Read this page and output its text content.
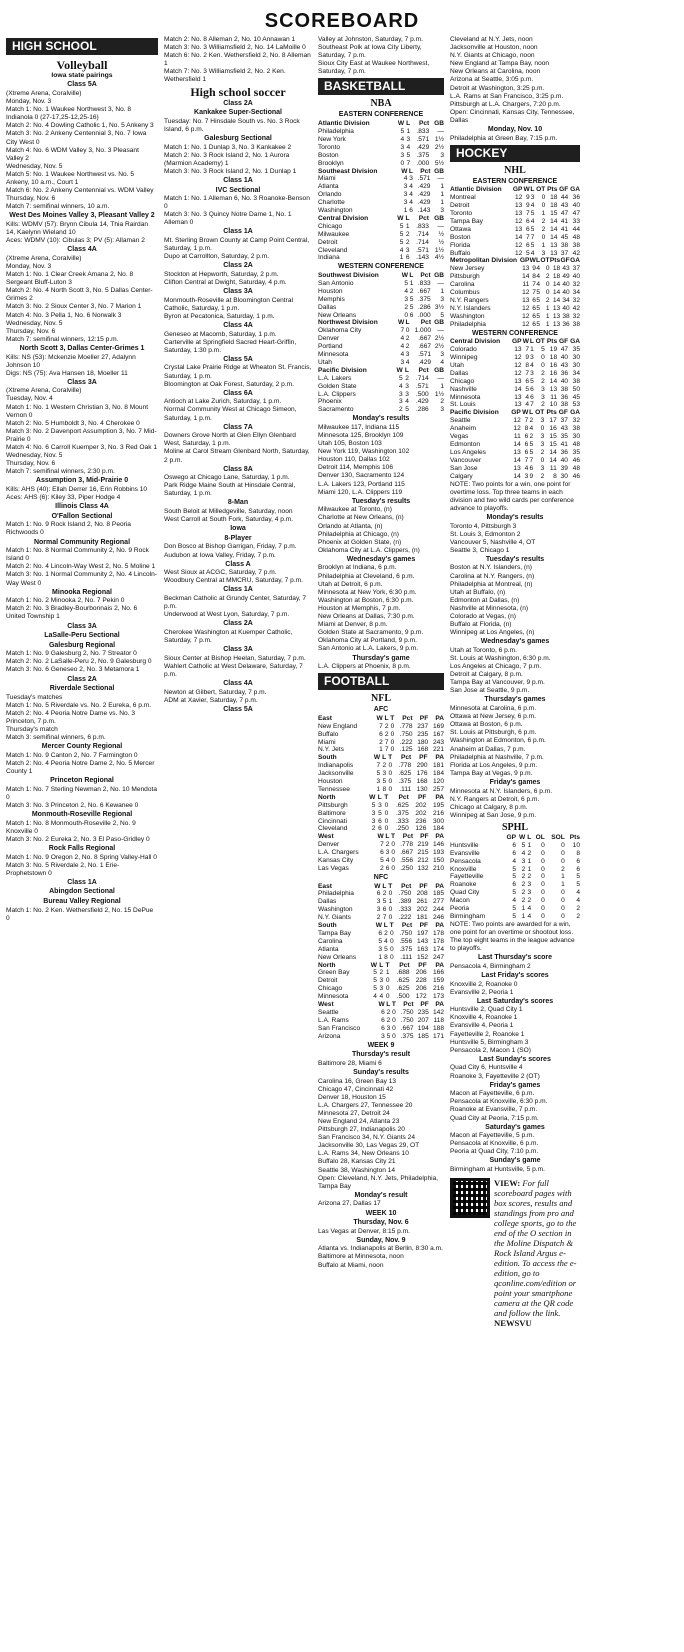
SCOREBOARD
HIGH SCHOOL
Volleyball
Iowa state pairings
Class 5A
(Xtreme Arena, Coralville)
Monday, Nov. 3
Match 1: No. 1 Waukee Northwest 3, No. 8 Indianola 0 (27-17,25-12,25-16)
Match 2: No. 4 Dowling Catholic 1, No. 5 Ankeny 3
Match 3: No. 2 Ankeny Centennial 3, No. 7 Iowa City West 0
Match 4: No. 6 WDM Valley 3, No. 3 Pleasant Valley 2
Wednesday, Nov. 5
Match 5: No. 1 Waukee Northwest vs. No. 5 Ankeny, 10 a.m., Court 1
Match 6: No. 2 Ankeny Centennial vs. WDM Valley
Thursday, Nov. 6
Match 7: semifinal winners, 10 a.m.
West Des Moines Valley 3, Pleasant Valley 2
Kills: WDMV (57): Brynn Cibula 14, Thia Rairdan 14, Kaelynn Wieland 10
Aces: WDMV (10): Cibulas 3; PV (5): Allaman 2
Class 4A
(Xtreme Arena, Coralville)
Monday, Nov. 3
Match 1: No. 1 Clear Creek Amana 2, No. 8 Sergeant Bluff-Luton 3
Match 2: No. 4 North Scott 3, No. 5 Dallas Center-Grimes 2
Match 3: No. 2 Sioux Center 3, No. 7 Marion 1
Match 4: No. 3 Pella 1, No. 6 Norwalk 3
Wednesday, Nov. 5
Thursday, Nov. 6
Match 7: semifinal winners, 12:15 p.m.
North Scott 3, Dallas Center-Grimes 1
Kills: NS (53): Mckenzie Moeller 27, Adalynn Johnson 10
Digs: NS (75): Ava Hansen 18, Moeller 11
Class 3A
(Xtreme Arena, Coralville)
Tuesday, Nov. 4
Match 1: No. 1 Western Christian 3, No. 8 Mount Vernon 0
Match 2: No. 5 Humboldt 3, No. 4 Cherokee 0
Match 3: No. 2 Davenport Assumption 3, No. 7 Mid-Prairie 0
Match 4: No. 6 Carroll Kuemper 3, No. 3 Red Oak 1
Wednesday, Nov. 5
Thursday, Nov. 6
Match 7: semifinal winners, 2:30 p.m.
Assumption 3, Mid-Prairie 0
Kills: AHS (40): Ellah Derrer 16, Erin Robbins 10
Aces: AHS (6): Kiley 33, Piper Hodge 4
Illinois Class 4A
O'Fallon Sectional
Match 1: No. 9 Rock Island 2, No. 8 Peoria Richwoods 0
Normal Community Regional
Match 1: No. 8 Normal Community 2, No. 9 Rock Island 0
Match 2: No. 4 Lincoln-Way West 2, No. 5 Moline 1
Match 3: No. 1 Normal Community 2, No. 4 Lincoln-Way West 0
Minooka Regional
Match 1: No. 2 Minooka 2, No. 7 Pekin 0
Match 2: No. 3 Bradley-Bourbonnais 2, No. 6 United Township 1
Class 3A
LaSalle-Peru Sectional
Galesburg Regional
Match 1: No. 9 Galesburg 2, No. 7 Streator 0
Match 2: No. 2 LaSalle-Peru 2, No. 9 Galesburg 0
Match 3: No. 6 Geneseo 2, No. 3 Metamora 1
Class 2A
Riverdale Sectional
Tuesday's matches
Match 1: No. 5 Riverdale vs. No. 2 Eureka, 6 p.m.
Match 2: No. 4 Peoria Notre Dame vs. No. 3 Princeton, 7 p.m.
Thursday's match
Match 3: semifinal winners, 6 p.m.
Mercer County Regional
Match 1: No. 9 Canton 2, No. 7 Farmington 0
Match 2: No. 4 Peoria Notre Dame 2, No. 5 Mercer County 1
Princeton Regional
Match 1: No. 7 Sterling Newman 2, No. 10 Mendota 0
Match 3: No. 3 Princeton 2, No. 6 Kewanee 0
Monmouth-Roseville Regional
Match 1: No. 8 Monmouth-Roseville 2, No. 9 Knoxville 0
Match 3: No. 2 Eureka 2, No. 3 El Paso-Gridley 0
Rock Falls Regional
Match 1: No. 9 Oregon 2, No. 8 Spring Valley-Hall 0
Match 3: No. 5 Riverdale 2, No. 1 Erie-Prophetstown 0
Class 1A
Abingdon Sectional
Bureau Valley Regional
Match 1: No. 2 Ken. Wethersfield 2, No. 15 DePue 0
Match 2: No. 8 Alleman 2, No. 10 Annawan 1
Match 3: No. 3 Williamsfield 2, No. 14 LaMoille 0
Match 6: No. 2 Ken. Wethersfield 2, No. 8 Alleman 1
Match 7: No. 3 Williamsfield 2, No. 2 Ken. Wethersfield 1
High school soccer
Class 2A
Kankakee Super-Sectional
Tuesday: No. 7 Hinsdale South vs. No. 3 Rock Island, 6 p.m.
Galesburg Sectional
Match 1: No. 1 Dunlap 3, No. 3 Kankakee 2
Match 2: No. 3 Rock Island 2, No. 1 Aurora (Marmion Academy) 1
Match 3: No. 3 Rock Island 2, No. 1 Dunlap 1
Class 1A
IVC Sectional
Match 1: No. 1 Alleman 6, No. 3 Roanoke-Benson 0
Match 3: No. 3 Quincy Notre Dame 1, No. 1 Alleman 0
Class 1A
Mt. Sterling Brown County at Camp Point Central, Saturday, 1 p.m.
Dupo at Carrollton, Saturday, 2 p.m.
Class 2A
Stockton at Hepworth, Saturday, 2 p.m.
Clifton Central at Dwight, Saturday, 4 p.m.
Class 3A
Monmouth-Roseville at Bloomington Central Catholic, Saturday, 1 p.m.
Byron at Pecatonica, Saturday, 1 p.m.
Class 4A
Geneseo at Macomb, Saturday, 1 p.m.
Carterville at Springfield Sacred Heart-Griffin, Saturday, 1:30 p.m.
Class 5A
Crystal Lake Prairie Ridge at Wheaton St. Francis, Saturday, 1 p.m.
Bloomington at Oak Forest, Saturday, 2 p.m.
Class 6A
Antioch at Lake Zurich, Saturday, 1 p.m.
Normal Community West at Chicago Simeon, Saturday, 1 p.m.
Class 7A
Downers Grove North at Glen Ellyn Glenbard West, Saturday, 1 p.m.
Moline at Carol Stream Glenbard North, Saturday, 2 p.m.
Class 8A
Oswego at Chicago Lane, Saturday, 1 p.m.
Park Ridge Maine South at Hinsdale Central, Saturday, 1 p.m.
8-Man
South Beloit at Milledgeville, Saturday, noon
West Carroll at South Fork, Saturday, 4 p.m.
Iowa
8-Player
Don Bosco at Bishop Garrigan, Friday, 7 p.m.
Audubon at Iowa Valley, Friday, 7 p.m.
Class A
West Sioux at ACGC, Saturday, 7 p.m.
Woodbury Central at MMCRU, Saturday, 7 p.m.
Class 1A
Beckman Catholic at Grundy Center, Saturday, 7 p.m.
Underwood at West Lyon, Saturday, 7 p.m.
Class 2A
Cherokee Washington at Kuemper Catholic, Saturday, 7 p.m.
Class 3A
Sioux Center at Bishop Heelan, Saturday, 7 p.m.
Wahlert Catholic at West Delaware, Saturday, 7 p.m.
Class 4A
Newton at Gilbert, Saturday, 7 p.m.
ADM at Xavier, Saturday, 7 p.m.
Class 5A
Valley at Johnston, Saturday, 7 p.m.
Southeast Polk at Iowa City Liberty, Saturday, 7 p.m.
Sioux City East at Waukee Northwest, Saturday, 7 p.m.
BASKETBALL
NBA
EASTERN CONFERENCE
Atlantic Division	W	L	Pct	GB
Philadelphia	5	1	.833	—
New York	4	3	.571	1½
Toronto	3	4	.429	2½
Boston	3	5	.375	3
Brooklyn	0	7	.000	5½
Southeast Division	W	L	Pct	GB
Miami	4	3	.571	—
Atlanta	3	4	.429	1
Orlando	3	4	.429	1
Charlotte	3	4	.429	1
Washington	1	6	.143	3
Central Division	W	L	Pct	GB
Chicago	5	1	.833	—
Milwaukee	5	2	.714	½
Detroit	5	2	.714	½
Cleveland	4	3	.571	1½
Indiana	1	6	.143	4½
WESTERN CONFERENCE
Southwest Division	W	L	Pct	GB
San Antonio	5	1	.833	—
Houston	4	2	.667	1
Memphis	3	5	.375	3
Dallas	2	5	.286	3½
New Orleans	0	6	.000	5
Northwest Division	W	L	Pct	GB
Oklahoma City	7	0	1.000	—
Denver	4	2	.667	2½
Portland	4	2	.667	2½
Minnesota	4	3	.571	3
Utah	3	4	.429	4
Pacific Division	W	L	Pct	GB
L.A. Lakers	5	2	.714	—
Golden State	4	3	.571	1
L.A. Clippers	3	3	.500	1½
Phoenix	3	4	.429	2
Sacramento	2	5	.286	3
Monday's results
Milwaukee 117, Indiana 115
Minnesota 125, Brooklyn 109
Utah 105, Boston 103
New York 119, Washington 102
Houston 110, Dallas 102
Detroit 114, Memphis 106
Denver 130, Sacramento 124
L.A. Lakers 123, Portland 115
Miami 120, L.A. Clippers 119
Tuesday's results
Milwaukee at Toronto, (n)
Charlotte at New Orleans, (n)
Orlando at Atlanta, (n)
Philadelphia at Chicago, (n)
Phoenix at Golden State, (n)
Oklahoma City at L.A. Clippers, (n)
Wednesday's games
Brooklyn at Indiana, 6 p.m.
Philadelphia at Cleveland, 6 p.m.
Utah at Detroit, 6 p.m.
Minnesota at New York, 6:30 p.m.
Washington at Boston, 6:30 p.m.
Houston at Memphis, 7 p.m.
New Orleans at Dallas, 7:30 p.m.
Miami at Denver, 8 p.m.
Golden State at Sacramento, 9 p.m.
Oklahoma City at Portland, 9 p.m.
San Antonio at L.A. Lakers, 9 p.m.
Thursday's game
L.A. Clippers at Phoenix, 8 p.m.
FOOTBALL
NFL
AFC
East	W	L	T	Pct	PF	PA
New England	7	2	0	.778	237	169
Buffalo	6	2	0	.750	235	167
Miami	2	7	0	.222	180	243
N.Y. Jets	1	7	0	.125	168	221
South	W	L	T	Pct	PF	PA
Indianapolis	7	2	0	.778	290	181
Jacksonville	5	3	0	.625	176	184
Houston	3	5	0	.375	168	120
Tennessee	1	8	0	.111	130	257
North	W	L	T	Pct	PF	PA
Pittsburgh	5	3	0	.625	202	195
Baltimore	3	5	0	.375	202	216
Cincinnati	3	6	0	.333	236	300
Cleveland	2	6	0	.250	126	184
West	W	L	T	Pct	PF	PA
Denver	7	2	0	.778	219	146
L.A. Chargers	6	3	0	.667	215	193
Kansas City	5	4	0	.556	212	150
Las Vegas	2	6	0	.250	132	210
NFC
East	W	L	T	Pct	PF	PA
Philadelphia	6	2	0	.750	208	185
Dallas	3	5	1	.389	261	277
Washington	3	6	0	.333	202	244
N.Y. Giants	2	7	0	.222	181	246
South	W	L	T	Pct	PF	PA
Tampa Bay	6	2	0	.750	197	178
Carolina	5	4	0	.556	143	178
Atlanta	3	5	0	.375	163	174
New Orleans	1	8	0	.111	152	247
North	W	L	T	Pct	PF	PA
Green Bay	5	2	1	.688	206	166
Detroit	5	3	0	.625	228	159
Chicago	5	3	0	.625	206	216
Minnesota	4	4	0	.500	172	173
West	W	L	T	Pct	PF	PA
Seattle	6	2	0	.750	235	142
L.A. Rams	6	2	0	.750	207	118
San Francisco	6	3	0	.667	194	188
Arizona	3	5	0	.375	185	171
WEEK 9
Thursday's result
Baltimore 28, Miami 6
Sunday's results
Carolina 16, Green Bay 13
Chicago 47, Cincinnati 42
Denver 18, Houston 15
L.A. Chargers 27, Tennessee 20
Minnesota 27, Detroit 24
New England 24, Atlanta 23
Pittsburgh 27, Indianapolis 20
San Francisco 34, N.Y. Giants 24
Jacksonville 30, Las Vegas 29, OT
L.A. Rams 34, New Orleans 10
Buffalo 28, Kansas City 21
Seattle 38, Washington 14
Open: Cleveland, N.Y. Jets, Philadelphia, Tampa Bay
Monday's result
Arizona 27, Dallas 17
WEEK 10
Thursday, Nov. 6
Las Vegas at Denver, 8:15 p.m.
Sunday, Nov. 9
Atlanta vs. Indianapolis at Berlin, 8:30 a.m.
Baltimore at Minnesota, noon
Buffalo at Miami, noon
Cleveland at N.Y. Jets, noon
Jacksonville at Houston, noon
N.Y. Giants at Chicago, noon
New England at Tampa Bay, noon
New Orleans at Carolina, noon
Arizona at Seattle, 3:05 p.m.
Detroit at Washington, 3:25 p.m.
L.A. Rams at San Francisco, 3:25 p.m.
Pittsburgh at L.A. Chargers, 7:20 p.m.
Open: Cincinnati, Kansas City, Tennessee, Dallas
Monday, Nov. 10
Philadelphia at Green Bay, 7:15 p.m.
HOCKEY
NHL
EASTERN CONFERENCE
Atlantic Division	GP	W	L	OT	Pts	GF	GA
Montreal	12	9	3	0	18	44	36
Detroit	13	9	4	0	18	43	40
Toronto	13	7	5	1	15	47	47
Tampa Bay	12	6	4	2	14	41	33
Ottawa	13	6	5	2	14	41	44
Boston	14	7	7	0	14	45	48
Florida	12	6	5	1	13	38	38
Buffalo	12	5	4	3	13	37	42
Metropolitan Division	GP	W	L	OT	Pts	GF	GA
New Jersey	13	9	4	0	18	43	37
Pittsburgh	14	8	4	2	18	49	40
Carolina	11	7	4	0	14	40	32
Columbus	12	7	5	0	14	40	34
N.Y. Rangers	13	6	5	2	14	34	32
N.Y. Islanders	12	6	5	1	13	40	42
Washington	12	6	5	1	13	38	32
Philadelphia	12	6	5	1	13	36	38
WESTERN CONFERENCE
Central Division	GP	W	L	OT	Pts	GF	GA
Colorado	13	7	1	5	19	47	35
Winnipeg	12	9	3	0	18	40	30
Utah	12	8	4	0	16	43	30
Dallas	12	7	3	2	16	36	34
Chicago	13	6	5	2	14	40	38
Nashville	14	5	6	3	13	38	50
Minnesota	13	4	6	3	11	36	45
St. Louis	13	4	7	2	10	38	53
Pacific Division	GP	W	L	OT	Pts	GF	GA
Seattle	12	7	2	3	17	37	32
Anaheim	12	8	4	0	16	43	38
Vegas	11	6	2	3	15	35	30
Edmonton	14	6	5	3	15	41	48
Los Angeles	13	6	5	2	14	36	35
Vancouver	14	7	7	0	14	40	46
San Jose	13	4	6	3	11	39	48
Calgary	14	3	9	2	8	30	46
NOTE: Two points for a win, one point for overtime loss. Top three teams in each division and two wild cards per conference advance to playoffs.
Monday's results
Toronto 4, Pittsburgh 3
St. Louis 3, Edmonton 2
Vancouver 5, Nashville 4, OT
Seattle 3, Chicago 1
Tuesday's results
Boston at N.Y. Islanders, (n)
Carolina at N.Y. Rangers, (n)
Philadelphia at Montreal, (n)
Utah at Buffalo, (n)
Edmonton at Dallas, (n)
Nashville at Minnesota, (n)
Colorado at Vegas, (n)
Buffalo at Florida, (n)
Winnipeg at Los Angeles, (n)
Wednesday's games
Utah at Toronto, 6 p.m.
St. Louis at Washington, 6:30 p.m.
Los Angeles at Chicago, 7 p.m.
Detroit at Calgary, 8 p.m.
Tampa Bay at Vancouver, 9 p.m.
San Jose at Seattle, 9 p.m.
Thursday's games
Minnesota at Carolina, 6 p.m.
Ottawa at New Jersey, 6 p.m.
Ottawa at Boston, 6 p.m.
St. Louis at Pittsburgh, 6 p.m.
Washington at Edmonton, 6 p.m.
Anaheim at Dallas, 7 p.m.
Philadelphia at Nashville, 7 p.m.
Florida at Los Angeles, 9 p.m.
Tampa Bay at Vegas, 9 p.m.
Friday's games
Minnesota at N.Y. Islanders, 6 p.m.
N.Y. Rangers at Detroit, 6 p.m.
Chicago at Calgary, 8 p.m.
Winnipeg at San Jose, 9 p.m.
SPHL
	GP	W	L	OL	SOL	Pts
Huntsville	6	5	1	0	0	10
Evansville	6	4	2	0	0	8
Pensacola	4	3	1	0	0	6
Knoxville	5	2	1	0	2	6
Fayetteville	5	2	2	0	1	5
Roanoke	6	2	3	0	1	5
Quad City	5	2	3	0	0	4
Macon	4	2	2	0	0	4
Peoria	5	1	4	0	0	2
Birmingham	5	1	4	0	0	2
NOTE: Two points are awarded for a win, one point for an overtime or shootout loss. The top eight teams in the league advance to playoffs.
Last Thursday's score
Pensacola 4, Birmingham 2
Last Friday's scores
Knoxville 2, Roanoke 0
Evansville 2, Peoria 1
Last Saturday's scores
Huntsville 2, Quad City 1
Knoxville 4, Roanoke 1
Evansville 4, Peoria 1
Fayetteville 2, Roanoke 1
Huntsville 5, Birmingham 3
Pensacola 2, Macon 1 (SO)
Last Sunday's scores
Quad City 6, Huntsville 4
Roanoke 3, Fayetteville 2 (OT)
Friday's games
Macon at Fayetteville, 6 p.m.
Pensacola at Knoxville, 6:30 p.m.
Roanoke at Evansville, 7 p.m.
Quad City at Peoria, 7:15 p.m.
Saturday's games
Macon at Fayetteville, 5 p.m.
Pensacola at Knoxville, 6 p.m.
Peoria at Quad City, 7:10 p.m.
Sunday's game
Birmingham at Huntsville, 5 p.m.
VIEW: For full scoreboard pages with box scores, results and standings from pro and college sports, go to the end of the O section in the Moline Dispatch & Rock Island Argus e-edition. To access the e-edition, go to qconline.com/edition or point your smartphone camera at the QR code and follow the link. NEWSVU
